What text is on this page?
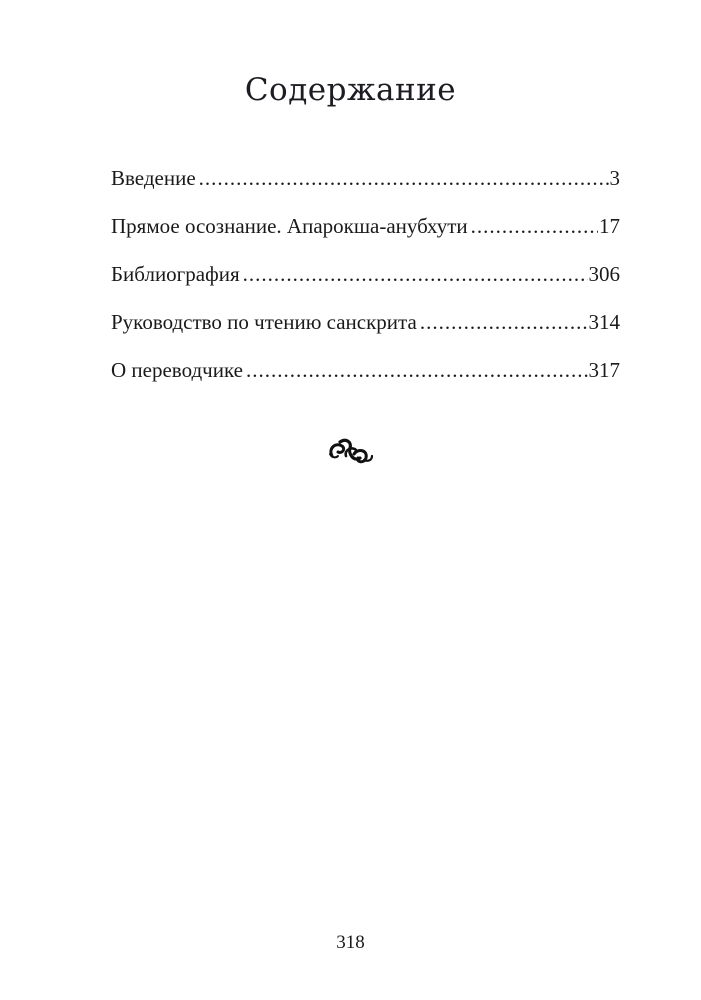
Содержание
Введение .....	3
Прямое осознание. Апарокша-анубхути .....	17
Библиография .....	306
Руководство по чтению санскрита .....	314
О переводчике .....	317
318
